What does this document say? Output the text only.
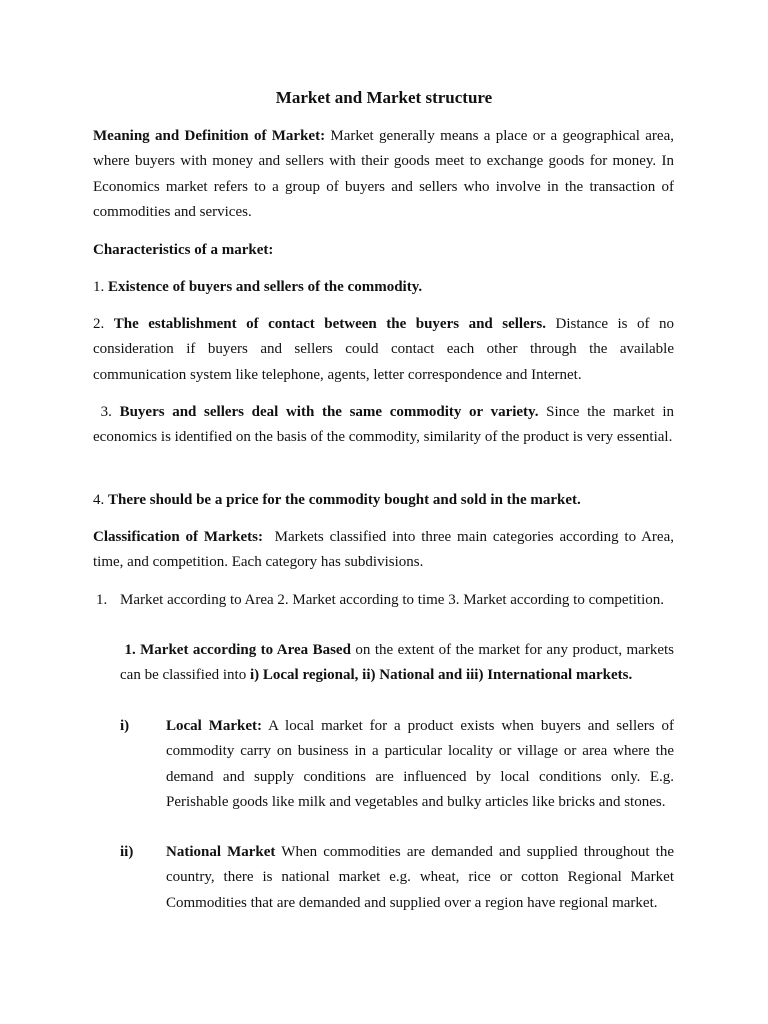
Market and Market structure

Meaning and Definition of Market: Market generally means a place or a geographical area, where buyers with money and sellers with their goods meet to exchange goods for money. In Economics market refers to a group of buyers and sellers who involve in the transaction of commodities and services.

Characteristics of a market:

1. Existence of buyers and sellers of the commodity.

2. The establishment of contact between the buyers and sellers. Distance is of no consideration if buyers and sellers could contact each other through the available communication system like telephone, agents, letter correspondence and Internet.

3. Buyers and sellers deal with the same commodity or variety. Since the market in economics is identified on the basis of the commodity, similarity of the product is very essential.

4. There should be a price for the commodity bought and sold in the market.

Classification of Markets:  Markets classified into three main categories according to Area, time, and competition. Each category has subdivisions.

1. Market according to Area 2. Market according to time 3. Market according to competition.

1. Market according to Area Based on the extent of the market for any product, markets can be classified into i) Local regional, ii) National and iii) International markets.

i) Local Market: A local market for a product exists when buyers and sellers of commodity carry on business in a particular locality or village or area where the demand and supply conditions are influenced by local conditions only. E.g. Perishable goods like milk and vegetables and bulky articles like bricks and stones.

ii) National Market When commodities are demanded and supplied throughout the country, there is national market e.g. wheat, rice or cotton Regional Market Commodities that are demanded and supplied over a region have regional market.
